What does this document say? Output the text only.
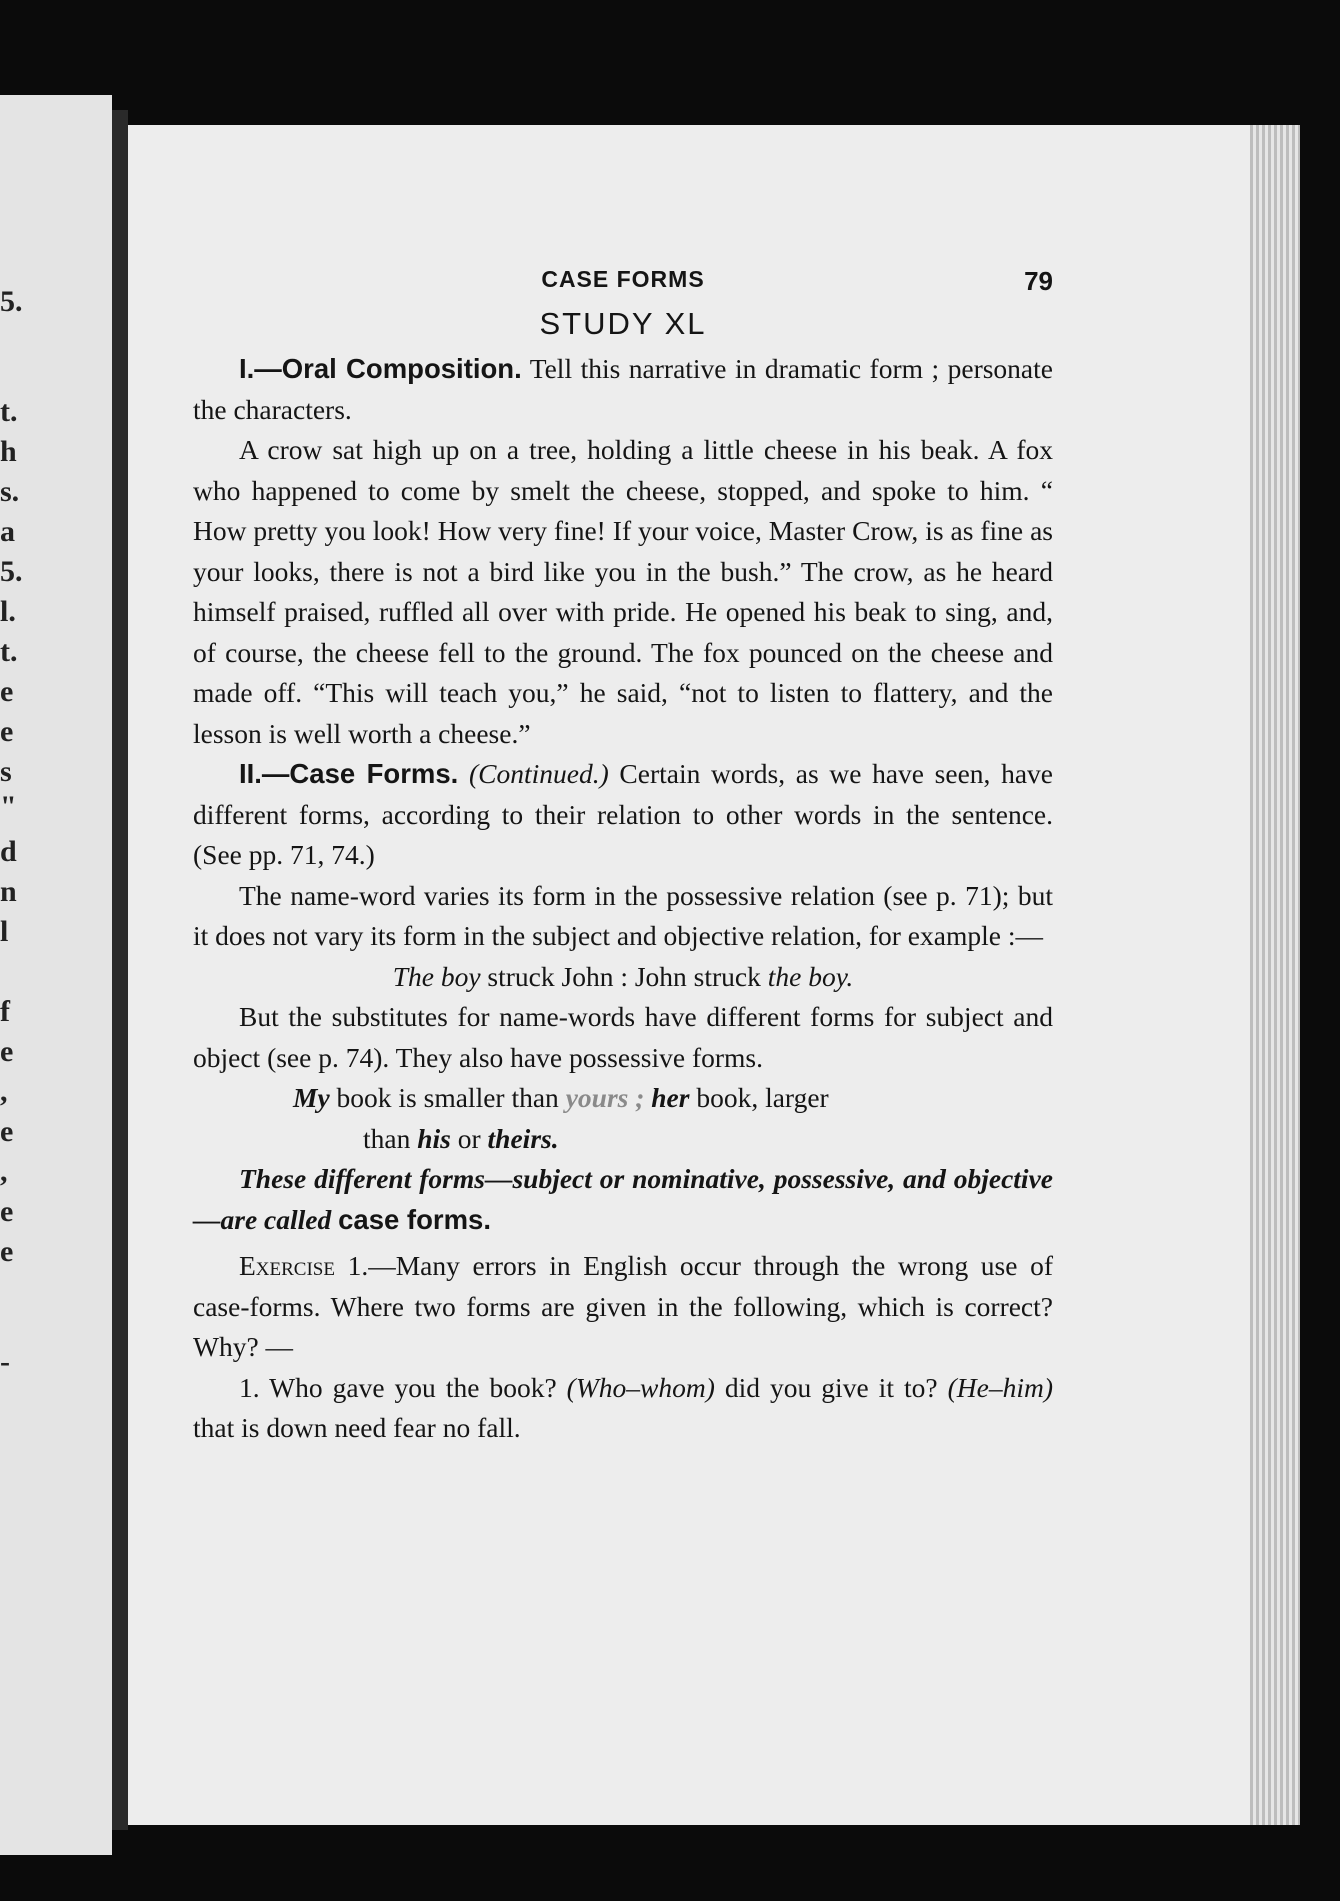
5.
t.
h
s.
a
5.
l.
t.
e
e
s
"
d
n
l
f
e
,
e
,
e
e
-
CASE FORMS	79
STUDY XL

I.—Oral Composition. Tell this narrative in dramatic form ; personate the characters.

A crow sat high up on a tree, holding a little cheese in his beak. A fox who happened to come by smelt the cheese, stopped, and spoke to him. “ How pretty you look! How very fine! If your voice, Master Crow, is as fine as your looks, there is not a bird like you in the bush.” The crow, as he heard himself praised, ruffled all over with pride. He opened his beak to sing, and, of course, the cheese fell to the ground. The fox pounced on the cheese and made off. “This will teach you,” he said, “not to listen to flattery, and the lesson is well worth a cheese.”

II.—Case Forms. (Continued.) Certain words, as we have seen, have different forms, according to their relation to other words in the sentence. (See pp. 71, 74.)

The name-word varies its form in the possessive relation (see p. 71); but it does not vary its form in the subject and objective relation, for example :—

The boy struck John : John struck the boy.

But the substitutes for name-words have different forms for subject and object (see p. 74). They also have possessive forms.

My book is smaller than yours ; her book, larger
than his or theirs.

These different forms—subject or nominative, possessive, and objective—are called case forms.

Exercise 1.—Many errors in English occur through the wrong use of case-forms. Where two forms are given in the following, which is correct? Why? —

1. Who gave you the book? (Who–whom) did you give it to? (He–him) that is down need fear no fall.
